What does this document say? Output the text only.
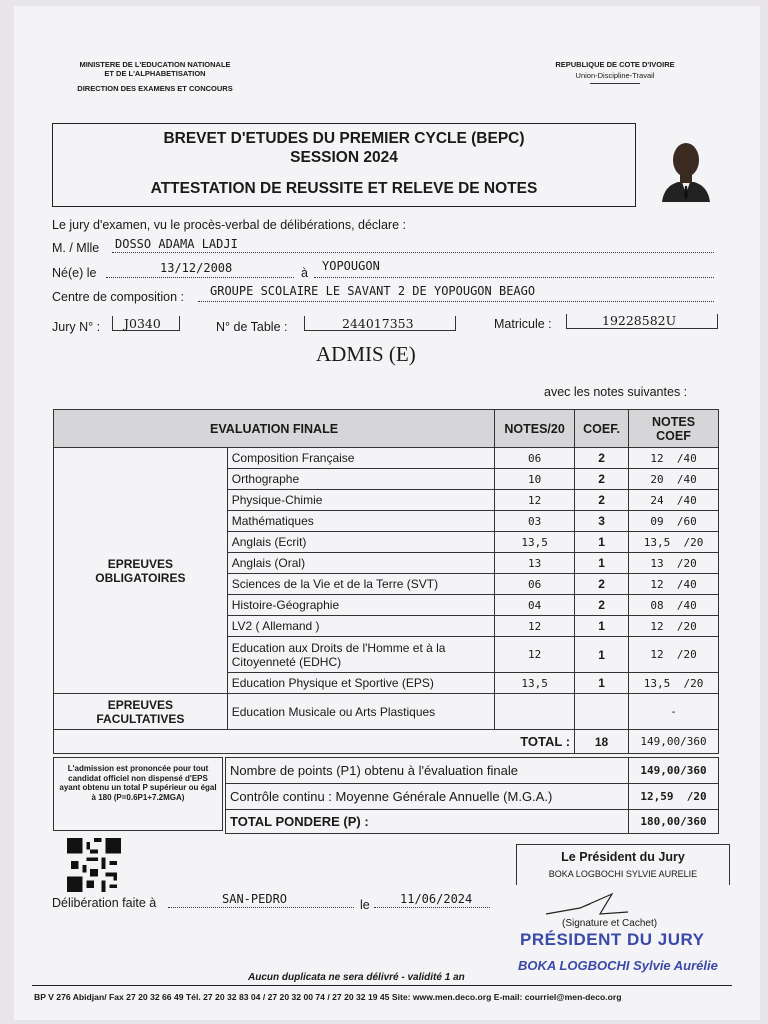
MINISTERE DE L'EDUCATION NATIONALE
ET DE L'ALPHABETISATION
DIRECTION DES EXAMENS ET CONCOURS
REPUBLIQUE DE COTE D'IVOIRE
Union-Discipline-Travail
BREVET D'ETUDES DU PREMIER CYCLE (BEPC)
SESSION 2024
ATTESTATION DE REUSSITE ET RELEVE DE NOTES
Le jury d'examen, vu le procès-verbal de délibérations, déclare :
M. / Mlle DOSSO ADAMA LADJI
Né(e) le	13/12/2008	à YOPOUGON
Centre de composition : GROUPE SCOLAIRE LE SAVANT 2 DE YOPOUGON BEAGO
Jury N° : J0340	N° de Table :	244017353	Matricule :	19228582U
ADMIS (E)
avec les notes suivantes :
EVALUATION FINALE		NOTES/20	COEF.	NOTES
COEF

EPREUVES
OBLIGATOIRES	Composition Française	06	2	12 /40
	Orthographe	10	2	20 /40
	Physique-Chimie	12	2	24 /40
	Mathématiques	03	3	09 /60
	Anglais (Ecrit)	13,5	1	13,5 /20
	Anglais (Oral)	13	1	13 /20
	Sciences de la Vie et de la Terre (SVT)	06	2	12 /40
	Histoire-Géographie	04	2	08 /40
	LV2 ( Allemand )	12	1	12 /20
	Education aux Droits de l'Homme et à la Citoyenneté (EDHC)	12	1	12 /20
	Education Physique et Sportive (EPS)	13,5	1	13,5 /20

EPREUVES
FACULTATIVES	Education Musicale ou Arts Plastiques			-
TOTAL :			18	149,00/360
L'admission est prononcée pour tout candidat officiel non dispensé d'EPS ayant obtenu un total P supérieur ou égal à 180 (P=0.6P1+7.2MGA)
Nombre de points (P1) obtenu à l'évaluation finale	149,00/360
Contrôle continu : Moyenne Générale Annuelle (M.G.A.)	12,59 /20
TOTAL PONDERE (P) :	180,00/360
Délibération faite à	SAN-PEDRO	le	11/06/2024
Le Président du Jury
BOKA LOGBOCHI SYLVIE AURELIE
(Signature et Cachet)
PRÉSIDENT DU JURY
BOKA LOGBOCHI Sylvie Aurélie
Aucun duplicata ne sera délivré - validité 1 an
BP V 276 Abidjan/ Fax 27 20 32 66 49 Tél. 27 20 32 83 04 / 27 20 32 00 74 / 27 20 32 19 45 Site: www.men.deco.org E-mail: courriel@men-deco.org
